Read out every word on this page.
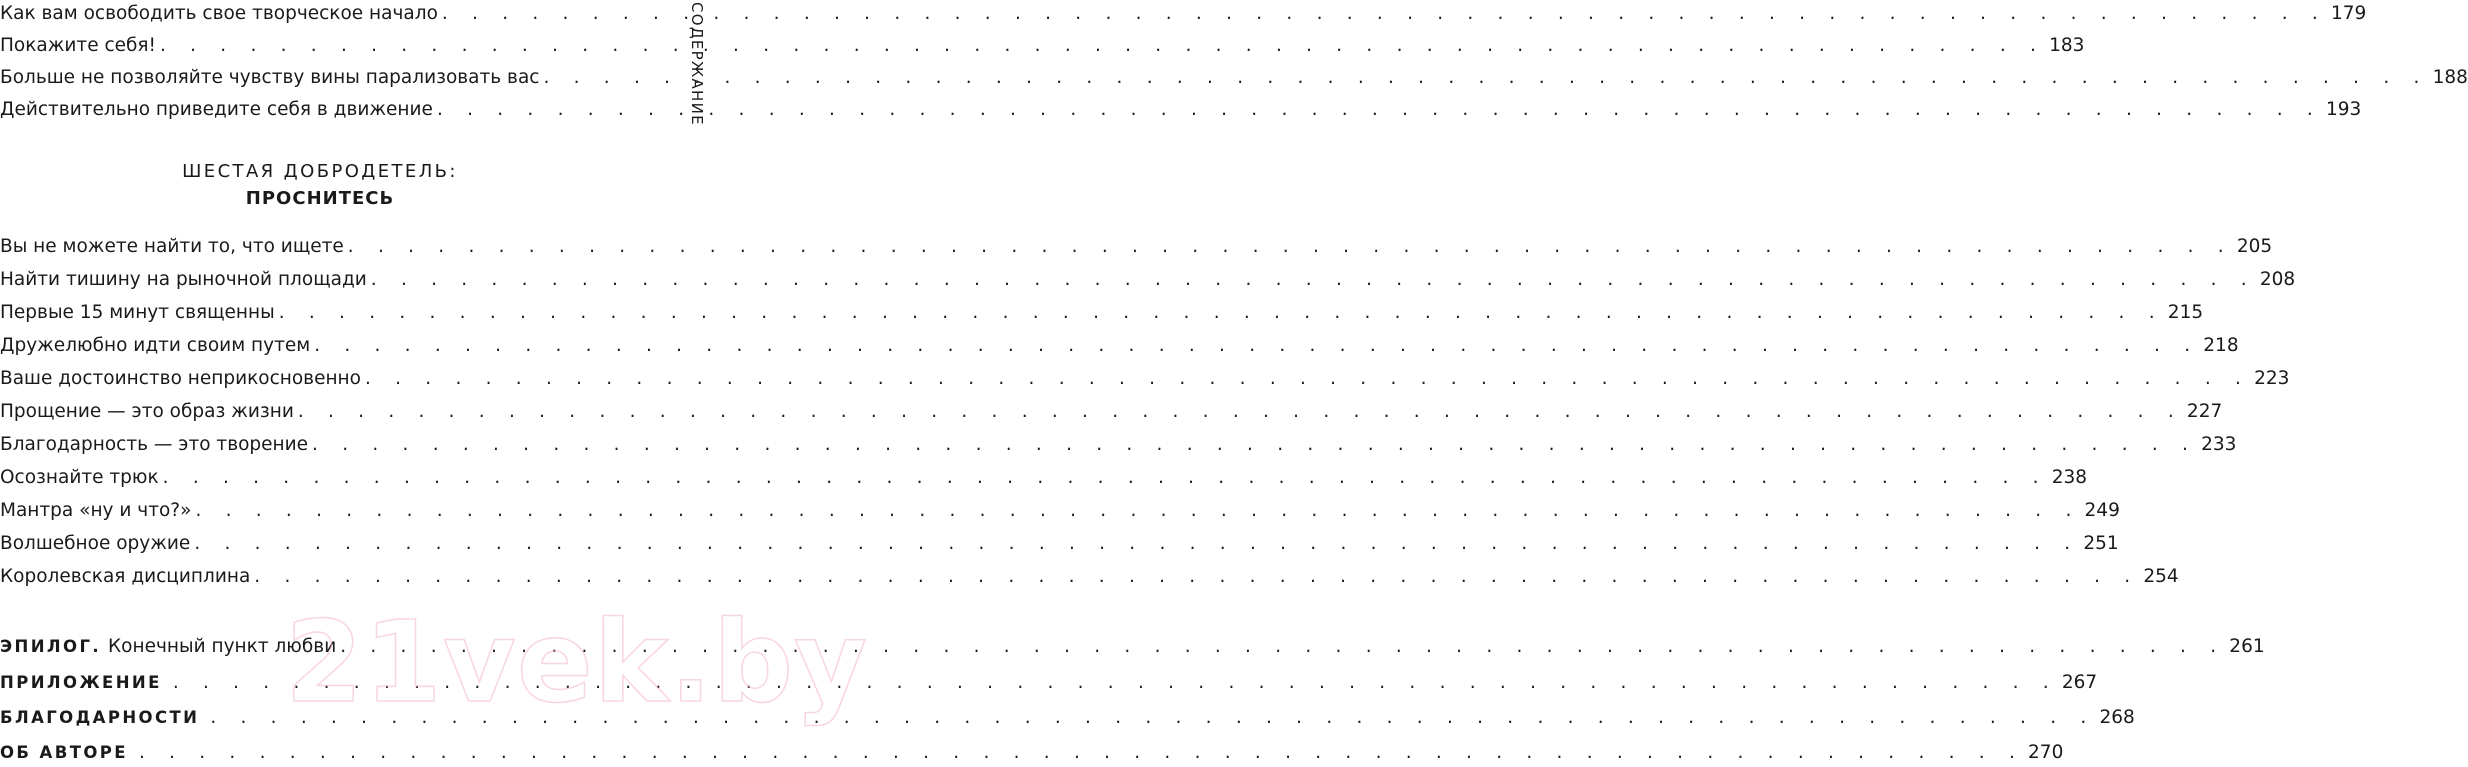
СОДЕРЖАНИЕ
Как вам освободить свое творческое начало . . .	179
Покажите себя! . . .	183
Больше не позволяйте чувству вины парализовать вас . . .	188
Действительно приведите себя в движение . . .	193
ШЕСТАЯ ДОБРОДЕТЕЛЬ:
ПРОСНИТЕСЬ
Вы не можете найти то, что ищете . . .	205
Найти тишину на рыночной площади . . .	208
Первые 15 минут священны . . .	215
Дружелюбно идти своим путем . . .	218
Ваше достоинство неприкосновенно . . .	223
Прощение — это образ жизни . . .	227
Благодарность — это творение . . .	233
Осознайте трюк . . .	238
Мантра «ну и что?» . . .	249
Волшебное оружие . . .	251
Королевская дисциплина . . .	254
ЭПИЛОГ. Конечный пункт любви . . .	261
ПРИЛОЖЕНИЕ . . .	267
БЛАГОДАРНОСТИ . . .	268
ОБ АВТОРЕ . . .	270
21vek.by
